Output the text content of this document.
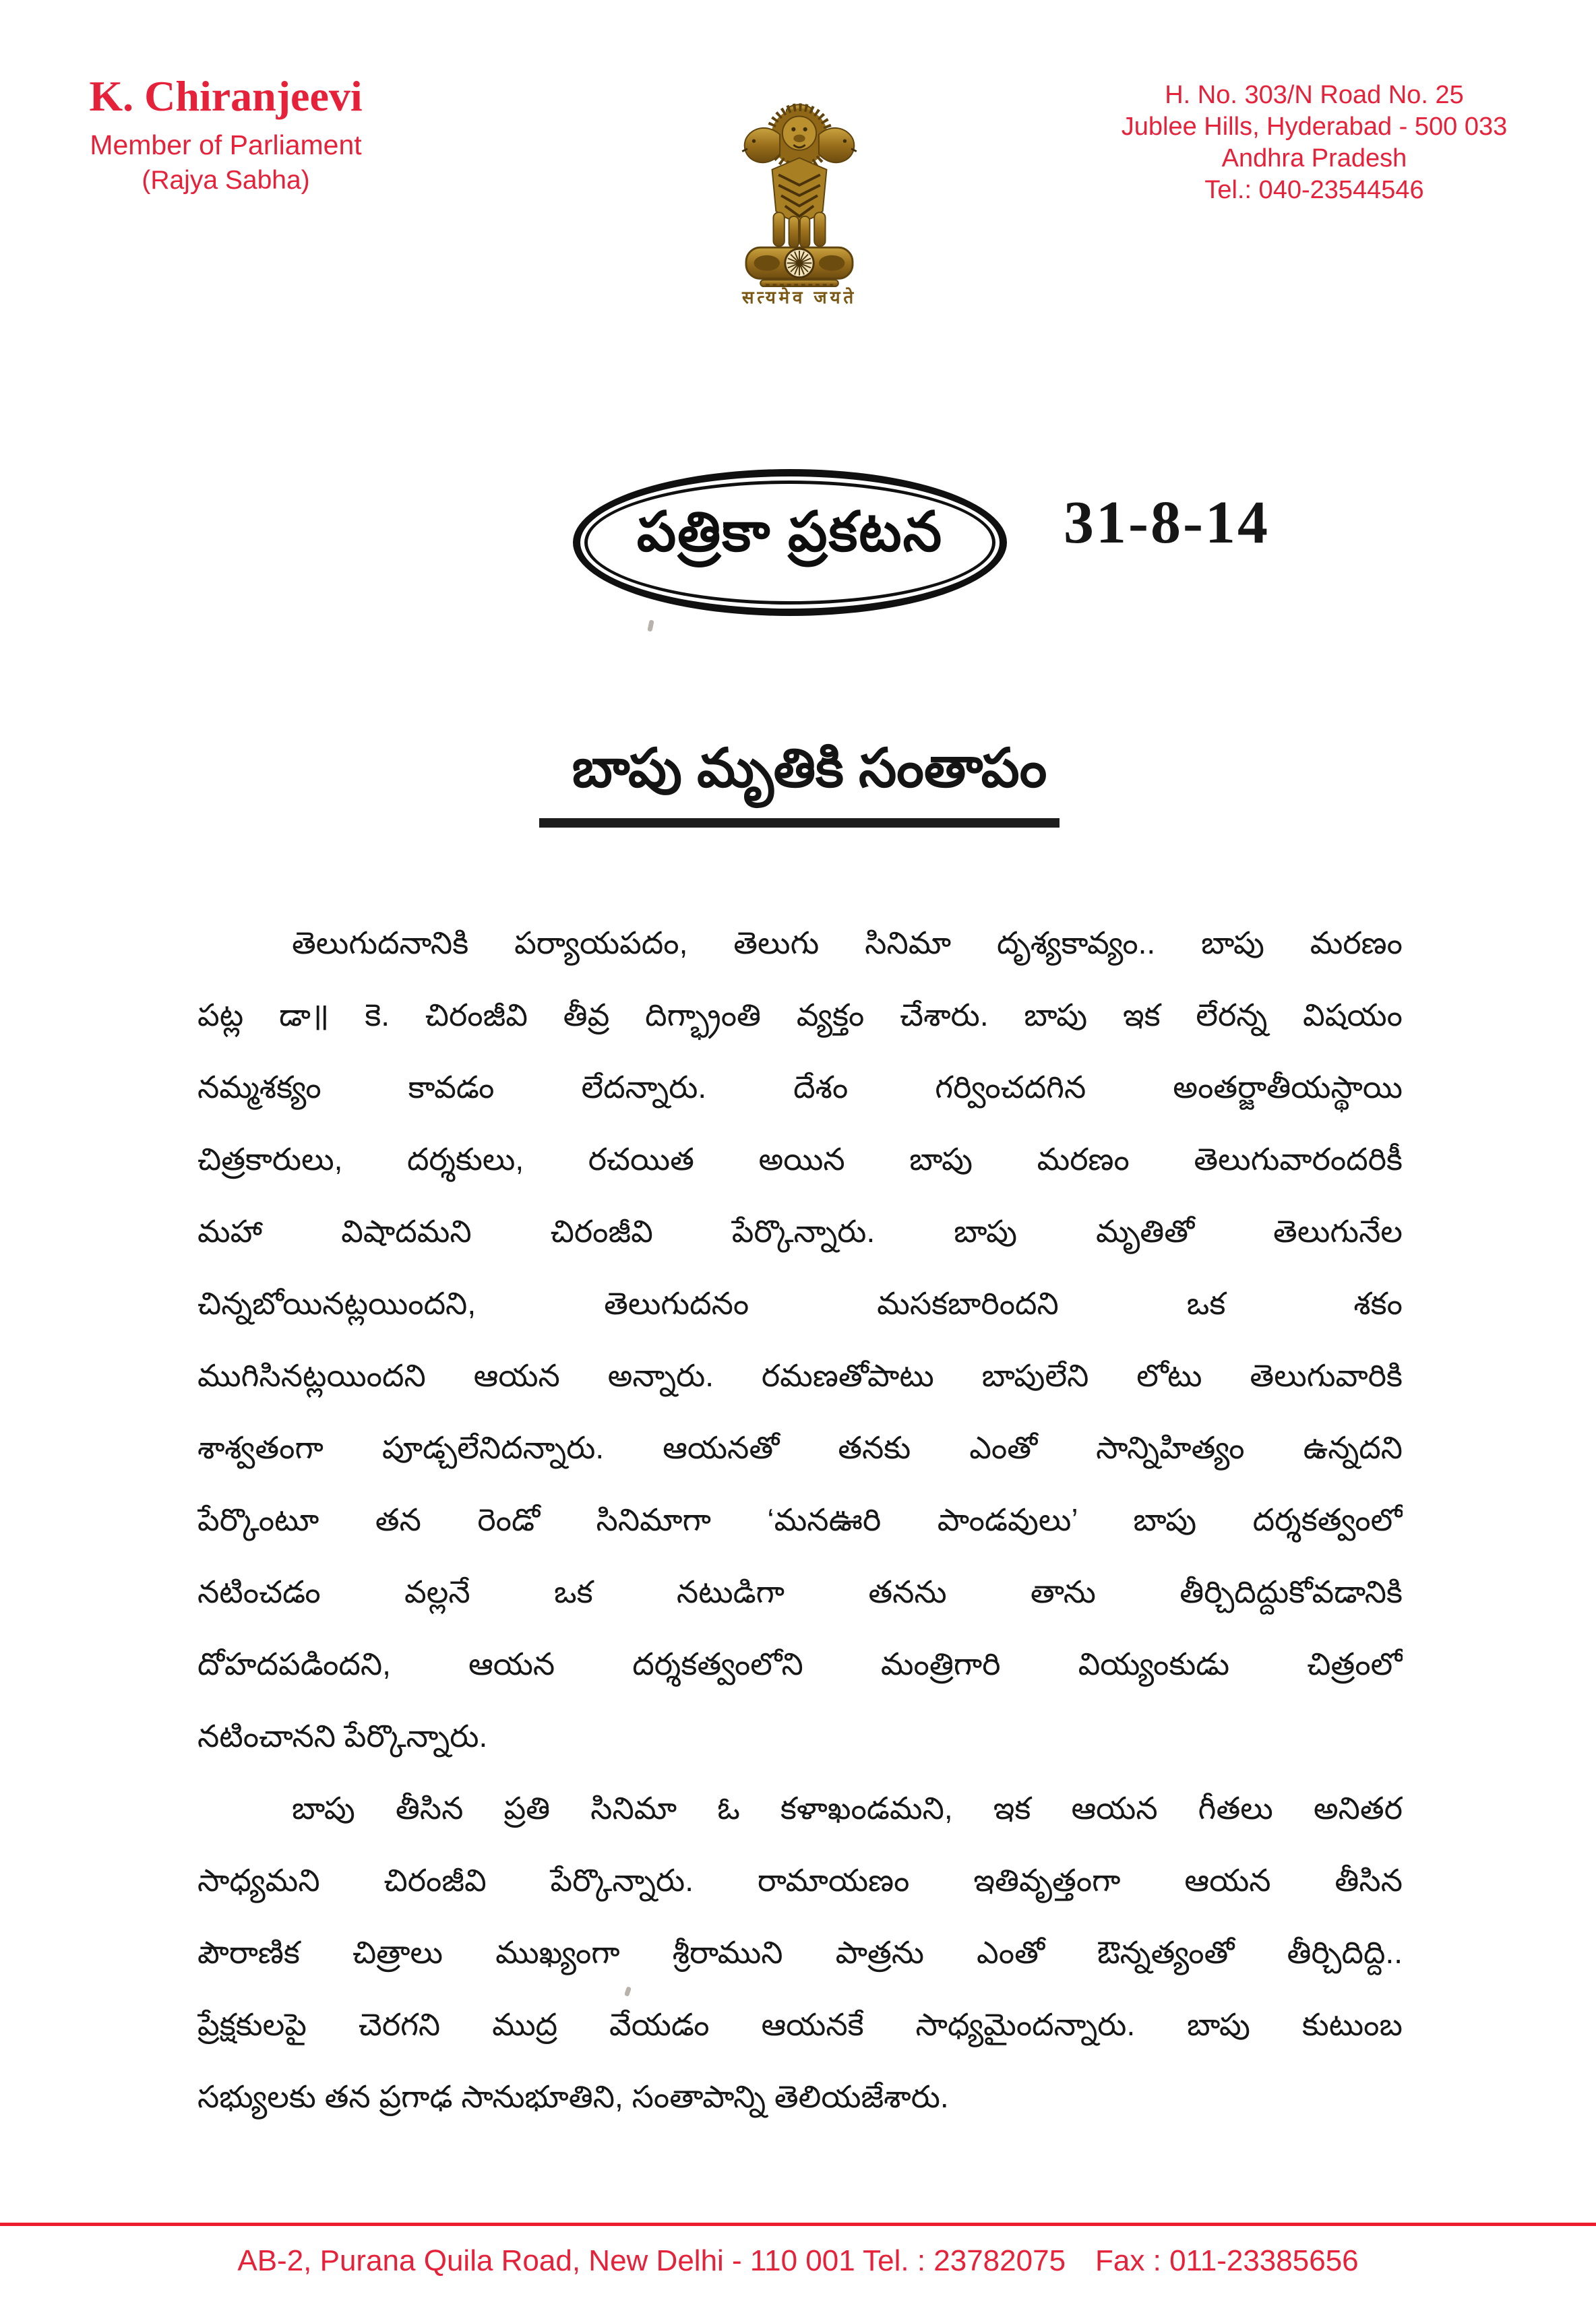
K. Chiranjeevi
Member of Parliament
(Rajya Sabha)
सत्यमेव जयते
H. No. 303/N Road No. 25
Jublee Hills, Hyderabad - 500 033
Andhra Pradesh
Tel.: 040-23544546
పత్రికా ప్రకటన 31-8-14
బాపు మృతికి సంతాపం
తెలుగుదనానికి పర్యాయపదం, తెలుగు సినిమా దృశ్యకావ్యం.. బాపు మరణం
పట్ల డా॥ కె. చిరంజీవి తీవ్ర దిగ్భ్రాంతి వ్యక్తం చేశారు. బాపు ఇక లేరన్న విషయం
నమ్మశక్యం కావడం లేదన్నారు. దేశం గర్వించదగిన అంతర్జాతీయస్థాయి
చిత్రకారులు, దర్శకులు, రచయిత అయిన బాపు మరణం తెలుగువారందరికీ
మహా విషాదమని చిరంజీవి పేర్కొన్నారు. బాపు మృతితో తెలుగునేల
చిన్నబోయినట్లయిందని, తెలుగుదనం మసకబారిందని ఒక శకం
ముగిసినట్లయిందని ఆయన అన్నారు. రమణతోపాటు బాపులేని లోటు తెలుగువారికి
శాశ్వతంగా పూడ్చలేనిదన్నారు. ఆయనతో తనకు ఎంతో సాన్నిహిత్యం ఉన్నదని
పేర్కొంటూ తన రెండో సినిమాగా ‘మనఊరి పాండవులు’ బాపు దర్శకత్వంలో
నటించడం వల్లనే ఒక నటుడిగా తనను తాను తీర్చిదిద్దుకోవడానికి
దోహదపడిందని, ఆయన దర్శకత్వంలోని మంత్రిగారి వియ్యంకుడు చిత్రంలో
నటించానని పేర్కొన్నారు.
బాపు తీసిన ప్రతి సినిమా ఓ కళాఖండమని, ఇక ఆయన గీతలు అనితర
సాధ్యమని చిరంజీవి పేర్కొన్నారు. రామాయణం ఇతివృత్తంగా ఆయన తీసిన
పౌరాణిక చిత్రాలు ముఖ్యంగా శ్రీరాముని పాత్రను ఎంతో ఔన్నత్యంతో తీర్చిదిద్ది..
ప్రేక్షకులపై చెరగని ముద్ర వేయడం ఆయనకే సాధ్యమైందన్నారు. బాపు కుటుంబ
సభ్యులకు తన ప్రగాఢ సానుభూతిని, సంతాపాన్ని తెలియజేశారు.
AB-2, Purana Quila Road, New Delhi - 110 001 Tel. : 23782075 Fax : 011-23385656
